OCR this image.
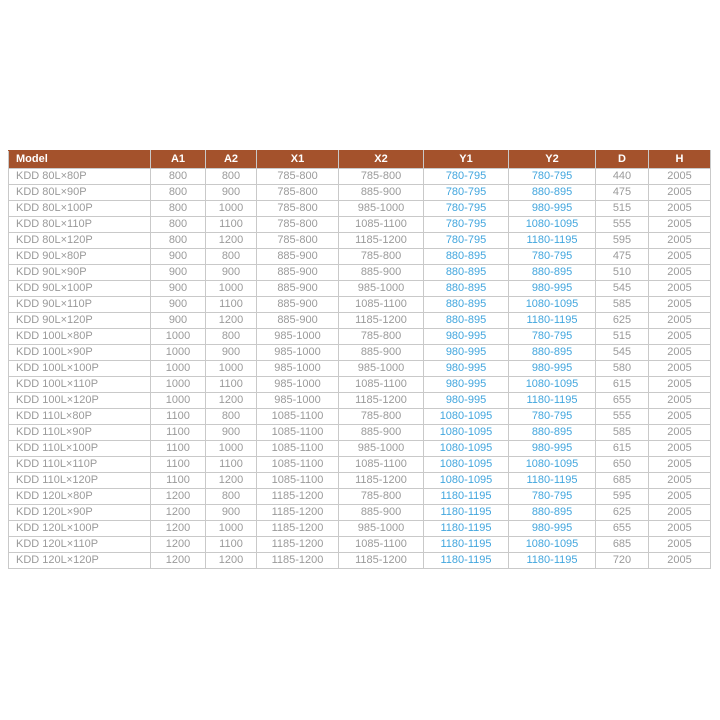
Model	A1	A2	X1	X2	Y1	Y2	D	H
KDD 80L×80P	800	800	785-800	785-800	780-795	780-795	440	2005
KDD 80L×90P	800	900	785-800	885-900	780-795	880-895	475	2005
KDD 80L×100P	800	1000	785-800	985-1000	780-795	980-995	515	2005
KDD 80L×110P	800	1100	785-800	1085-1100	780-795	1080-1095	555	2005
KDD 80L×120P	800	1200	785-800	1185-1200	780-795	1180-1195	595	2005
KDD 90L×80P	900	800	885-900	785-800	880-895	780-795	475	2005
KDD 90L×90P	900	900	885-900	885-900	880-895	880-895	510	2005
KDD 90L×100P	900	1000	885-900	985-1000	880-895	980-995	545	2005
KDD 90L×110P	900	1100	885-900	1085-1100	880-895	1080-1095	585	2005
KDD 90L×120P	900	1200	885-900	1185-1200	880-895	1180-1195	625	2005
KDD 100L×80P	1000	800	985-1000	785-800	980-995	780-795	515	2005
KDD 100L×90P	1000	900	985-1000	885-900	980-995	880-895	545	2005
KDD 100L×100P	1000	1000	985-1000	985-1000	980-995	980-995	580	2005
KDD 100L×110P	1000	1100	985-1000	1085-1100	980-995	1080-1095	615	2005
KDD 100L×120P	1000	1200	985-1000	1185-1200	980-995	1180-1195	655	2005
KDD 110L×80P	1100	800	1085-1100	785-800	1080-1095	780-795	555	2005
KDD 110L×90P	1100	900	1085-1100	885-900	1080-1095	880-895	585	2005
KDD 110L×100P	1100	1000	1085-1100	985-1000	1080-1095	980-995	615	2005
KDD 110L×110P	1100	1100	1085-1100	1085-1100	1080-1095	1080-1095	650	2005
KDD 110L×120P	1100	1200	1085-1100	1185-1200	1080-1095	1180-1195	685	2005
KDD 120L×80P	1200	800	1185-1200	785-800	1180-1195	780-795	595	2005
KDD 120L×90P	1200	900	1185-1200	885-900	1180-1195	880-895	625	2005
KDD 120L×100P	1200	1000	1185-1200	985-1000	1180-1195	980-995	655	2005
KDD 120L×110P	1200	1100	1185-1200	1085-1100	1180-1195	1080-1095	685	2005
KDD 120L×120P	1200	1200	1185-1200	1185-1200	1180-1195	1180-1195	720	2005
